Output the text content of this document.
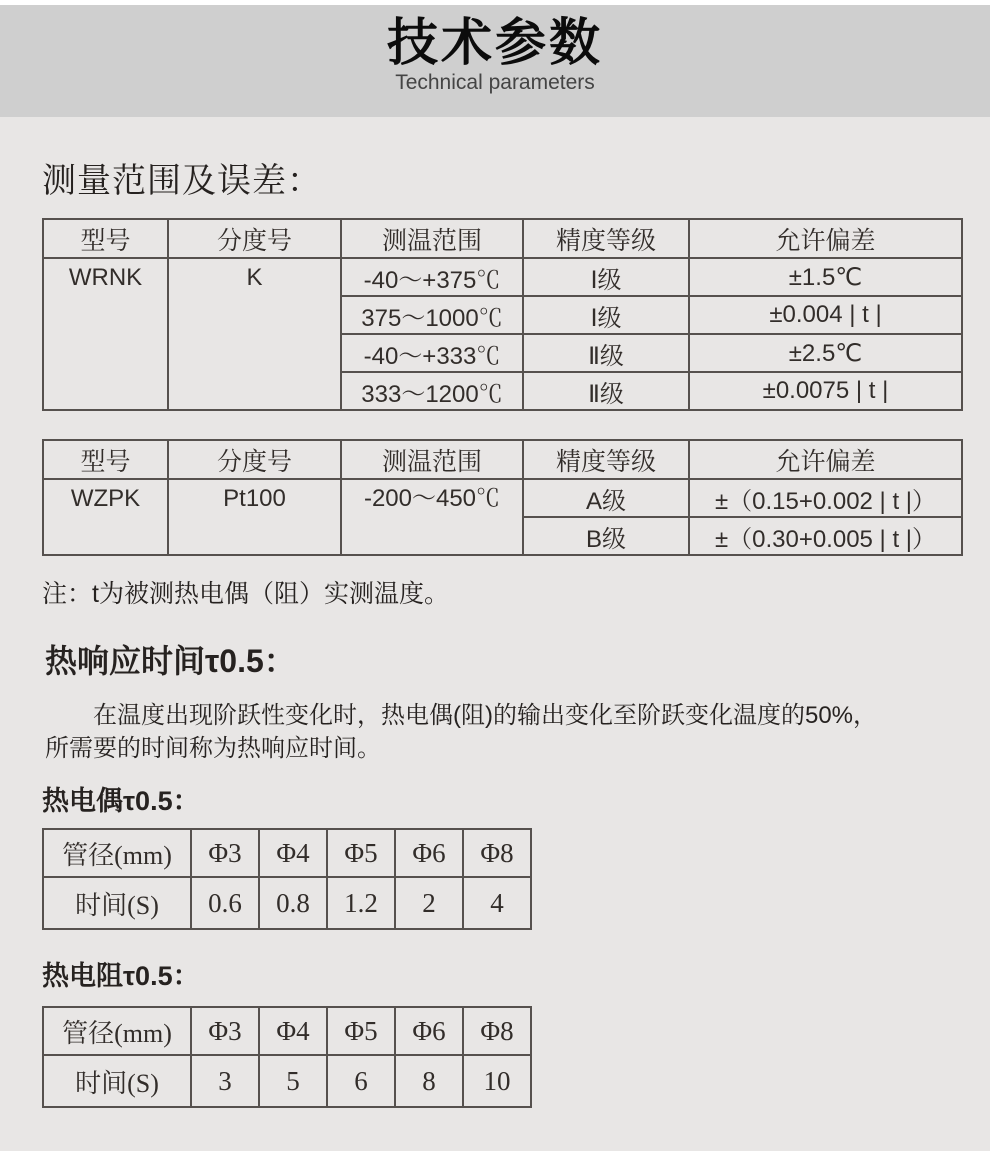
技术参数
Technical parameters
测量范围及误差：
型号	分度号	测温范围	精度等级	允许偏差

WRNK	K	-40～+375℃	Ⅰ级	±1.5℃
		375～1000℃	Ⅰ级	±0.004 | t |
		-40～+333℃	Ⅱ级	±2.5℃
		333～1200℃	Ⅱ级	±0.0075 | t |
型号	分度号	测温范围	精度等级	允许偏差

WZPK	Pt100	-200～450℃	A级	±（0.15+0.002 | t |）
			B级	±（0.30+0.005 | t |）

注：t为被测热电偶（阻）实测温度。

热响应时间τ0.5：
在温度出现阶跃性变化时，热电偶(阻)的输出变化至阶跃变化温度的50%，
所需要的时间称为热响应时间。
热电偶τ0.5：
管径(mm)	Φ3	Φ4	Φ5	Φ6	Φ8
时间(S)	0.6	0.8	1.2	2	4
热电阻τ0.5：
管径(mm)	Φ3	Φ4	Φ5	Φ6	Φ8
时间(S)	3	5	6	8	10
